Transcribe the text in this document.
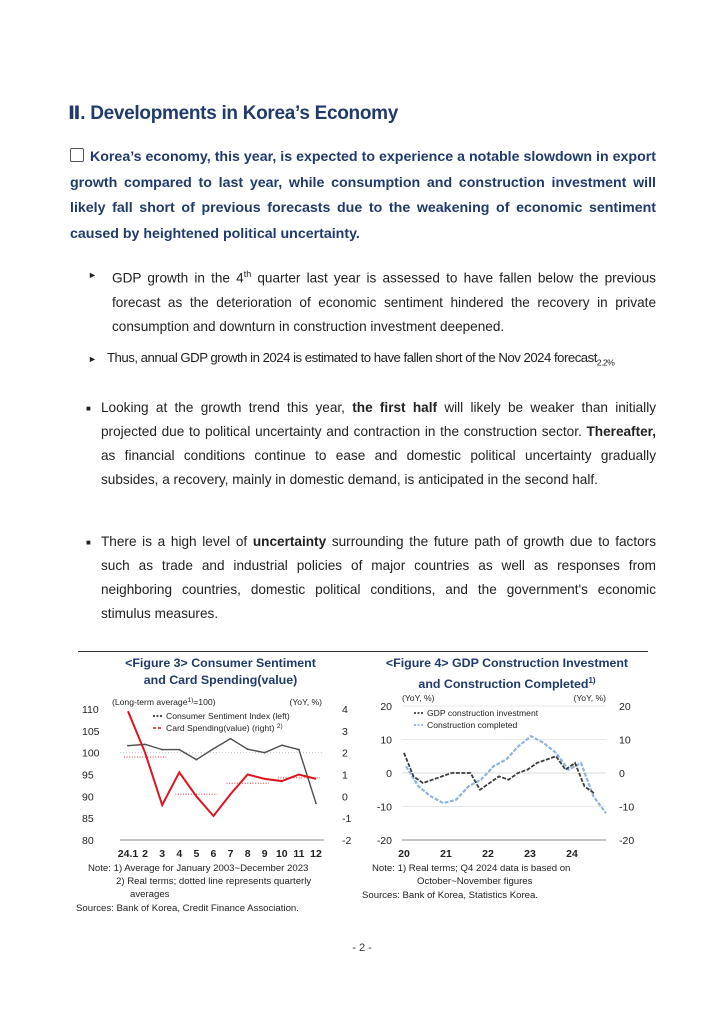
Ⅱ. Developments in Korea’s Economy
Korea’s economy, this year, is expected to experience a notable slowdown in export growth compared to last year, while consumption and construction investment will likely fall short of previous forecasts due to the weakening of economic sentiment caused by heightened political uncertainty.
►	GDP growth in the 4th quarter last year is assessed to have fallen below the previous forecast as the deterioration of economic sentiment hindered the recovery in private consumption and downturn in construction investment deepened.
► Thus, annual GDP growth in 2024 is estimated to have fallen short of the Nov 2024 forecast$_{2.2\%}$
■ Looking at the growth trend this year, the first half will likely be weaker than initially projected due to political uncertainty and contraction in the construction sector. Thereafter, as financial conditions continue to ease and domestic political uncertainty gradually subsides, a recovery, mainly in domestic demand, is anticipated in the second half.
■ There is a high level of uncertainty surrounding the future path of growth due to factors such as trade and industrial policies of major countries as well as responses from neighboring countries, domestic political conditions, and the government's economic stimulus measures.
<Figure 3> Consumer Sentiment
and Card Spending(value)
<Figure 4> GDP Construction Investment
and Construction Completed$^{1)}$
80
85
90
95
100
105
110
-2
-1
0
1
2
3
4
24.1 2 3 4 5 6 7 8 9 10 11 12
(Long-term average$^{1)}$=100)	(YoY, %)
Consumer Sentiment Index (left)
Card Spending(value) (right) $^{2)}$
-20	-20
-10	-10
0	0
10	10
20	20
20	21	22	23	24
(YoY, %)	(YoY, %)
GDP construction investment
Construction completed
Note: 1) Average for January 2003~December 2023
2) Real terms; dotted line represents quarterly
averages
Sources: Bank of Korea, Credit Finance Association.
Note: 1) Real terms; Q4 2024 data is based on
October~November figures
Sources: Bank of Korea, Statistics Korea.
- 2 -
